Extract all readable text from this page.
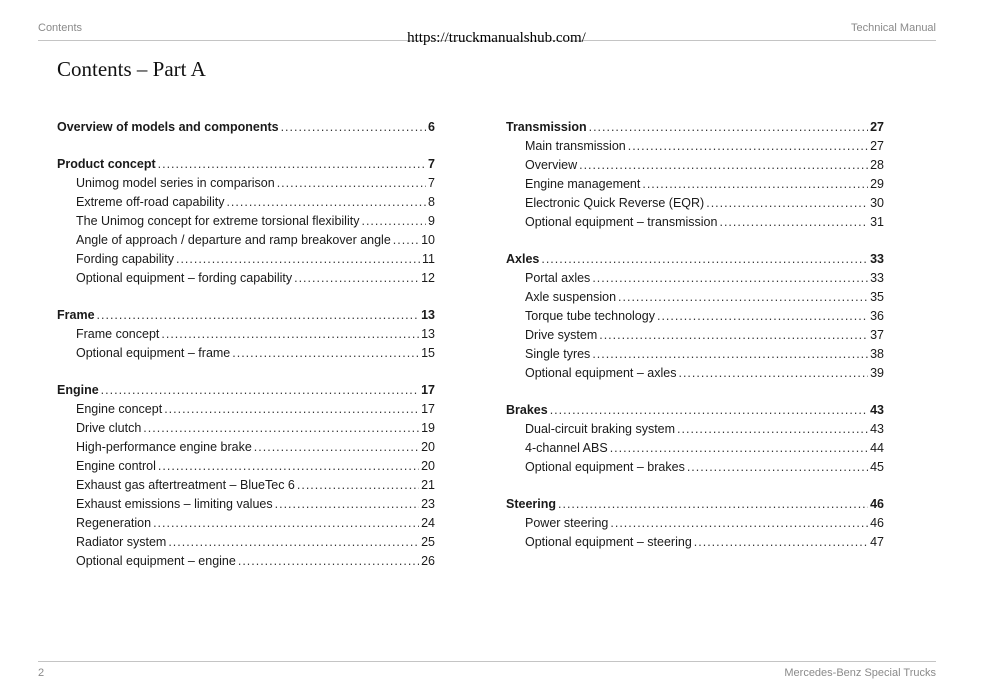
Contents	Technical Manual
https://truckmanualshub.com/
Contents – Part A
Overview of models and components .....	6
Product concept .....	7
Unimog model series in comparison .....	7
Extreme off-road capability .....	8
The Unimog concept for extreme torsional flexibility .....	9
Angle of approach / departure and ramp breakover angle ..... 10
Fording capability .....	11
Optional equipment – fording capability .....	12
Frame .....	13
Frame concept .....	13
Optional equipment – frame .....	15
Engine .....	17
Engine concept .....	17
Drive clutch .....	19
High-performance engine brake .....	20
Engine control .....	20
Exhaust gas aftertreatment – BlueTec 6 .....	21
Exhaust emissions – limiting values .....	23
Regeneration .....	24
Radiator system .....	25
Optional equipment – engine .....	26
Transmission .....	27
Main transmission .....	27
Overview .....	28
Engine management .....	29
Electronic Quick Reverse (EQR) .....	30
Optional equipment – transmission .....	31
Axles .....	33
Portal axles .....	33
Axle suspension .....	35
Torque tube technology .....	36
Drive system .....	37
Single tyres .....	38
Optional equipment – axles .....	39
Brakes .....	43
Dual-circuit braking system .....	43
4-channel ABS .....	44
Optional equipment – brakes .....	45
Steering .....	46
Power steering .....	46
Optional equipment – steering .....	47
2	Mercedes-Benz Special Trucks
